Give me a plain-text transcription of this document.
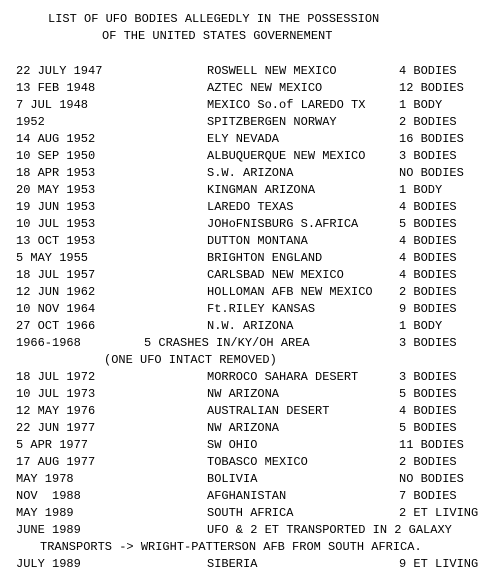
LIST OF UFO BODIES ALLEGEDLY IN THE POSSESSION
OF THE UNITED STATES GOVERNEMENT
22 JULY 1947	ROSWELL NEW MEXICO	4 BODIES
13 FEB 1948	AZTEC NEW MEXICO	12 BODIES
7 JUL 1948	MEXICO So.of LAREDO TX	1 BODY
1952	SPITZBERGEN NORWAY	2 BODIES
14 AUG 1952	ELY NEVADA	16 BODIES
10 SEP 1950	ALBUQUERQUE NEW MEXICO	3 BODIES
18 APR 1953	S.W. ARIZONA	NO BODIES
20 MAY 1953	KINGMAN ARIZONA	1 BODY
19 JUN 1953	LAREDO TEXAS	4 BODIES
10 JUL 1953	JOHoFNISBURG S.AFRICA	5 BODIES
13 OCT 1953	DUTTON MONTANA	4 BODIES
5 MAY 1955	BRIGHTON ENGLAND	4 BODIES
18 JUL 1957	CARLSBAD NEW MEXICO	4 BODIES
12 JUN 1962	HOLLOMAN AFB NEW MEXICO 2 BODIES
10 NOV 1964	Ft.RILEY KANSAS	9 BODIES
27 OCT 1966	N.W. ARIZONA	1 BODY
1966-1968	5 CRASHES IN/KY/OH AREA	3 BODIES
(ONE UFO INTACT REMOVED)
18 JUL 1972	MORROCO SAHARA DESERT	3 BODIES
10 JUL 1973	NW ARIZONA	5 BODIES
12 MAY 1976	AUSTRALIAN DESERT	4 BODIES
22 JUN 1977	NW ARIZONA	5 BODIES
5 APR 1977	SW OHIO	11 BODIES
17 AUG 1977	TOBASCO MEXICO	2 BODIES
MAY 1978	BOLIVIA	NO BODIES
NOV  1988	AFGHANISTAN	7 BODIES
MAY 1989	SOUTH AFRICA	2 ET LIVING
JUNE 1989	UFO & 2 ET TRANSPORTED IN 2 GALAXY
TRANSPORTS -> WRIGHT-PATTERSON AFB FROM SOUTH AFRICA.
JULY 1989	SIBERIA	9 ET LIVING
